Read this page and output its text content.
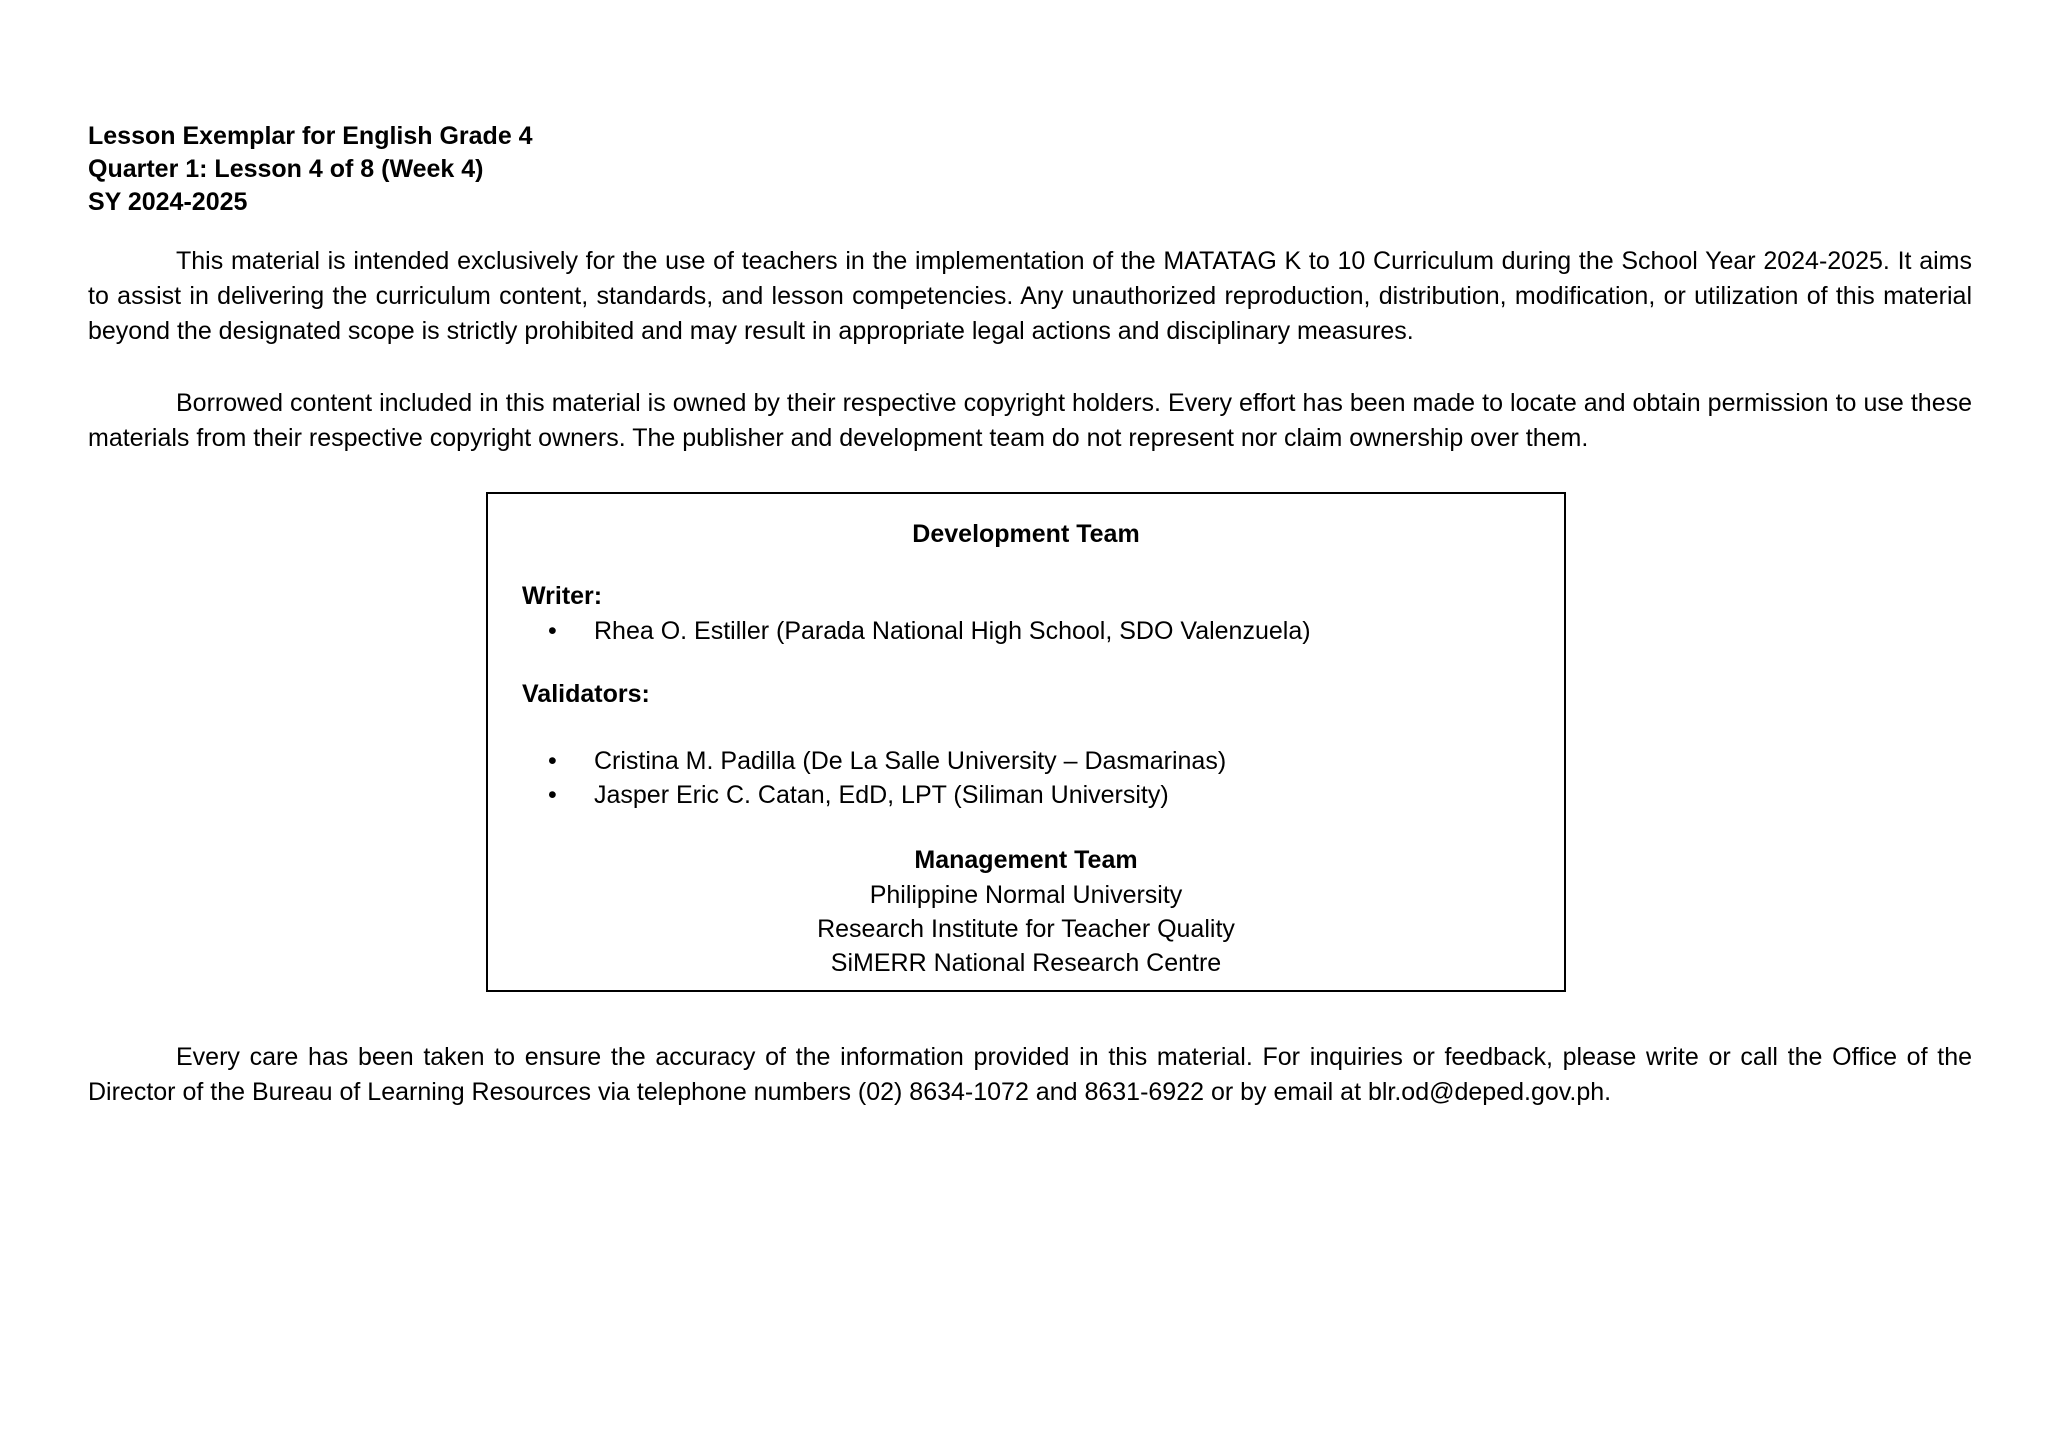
Lesson Exemplar for English Grade 4
Quarter 1: Lesson 4 of 8 (Week 4)
SY 2024-2025

This material is intended exclusively for the use of teachers in the implementation of the MATATAG K to 10 Curriculum during the School Year 2024-2025. It aims to assist in delivering the curriculum content, standards, and lesson competencies. Any unauthorized reproduction, distribution, modification, or utilization of this material beyond the designated scope is strictly prohibited and may result in appropriate legal actions and disciplinary measures.

Borrowed content included in this material is owned by their respective copyright holders. Every effort has been made to locate and obtain permission to use these materials from their respective copyright owners. The publisher and development team do not represent nor claim ownership over them.

Development Team
Writer:
• Rhea O. Estiller (Parada National High School, SDO Valenzuela)
Validators:
• Cristina M. Padilla (De La Salle University – Dasmarinas)
• Jasper Eric C. Catan, EdD, LPT (Siliman University)
Management Team
Philippine Normal University
Research Institute for Teacher Quality
SiMERR National Research Centre

Every care has been taken to ensure the accuracy of the information provided in this material. For inquiries or feedback, please write or call the Office of the Director of the Bureau of Learning Resources via telephone numbers (02) 8634-1072 and 8631-6922 or by email at blr.od@deped.gov.ph.
